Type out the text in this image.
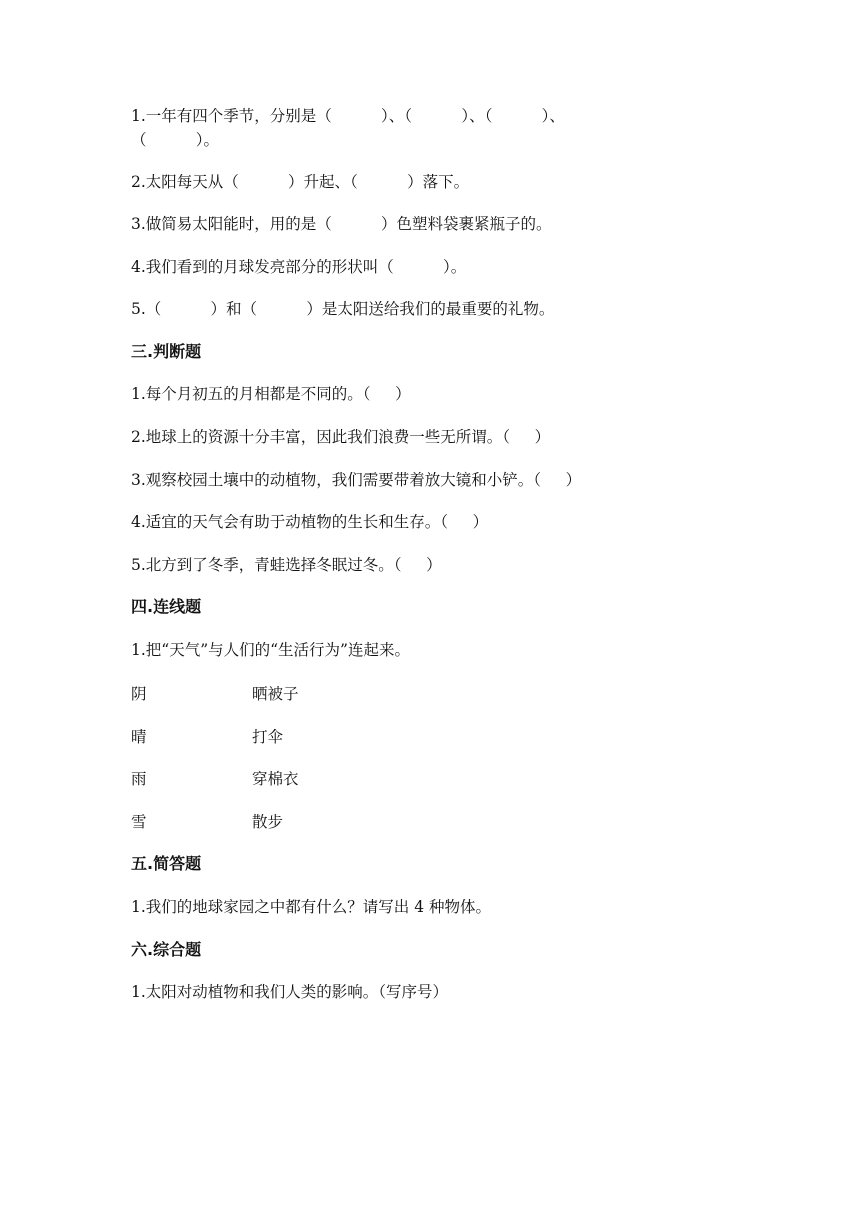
1.一年有四个季节，分别是（          ）、（          ）、（          ）、
（          ）。
2.太阳每天从（          ）升起、（          ）落下。
3.做简易太阳能时，用的是（          ）色塑料袋裹紧瓶子的。
4.我们看到的月球发亮部分的形状叫（          ）。
5.（          ）和（          ）是太阳送给我们的最重要的礼物。
三.判断题
1.每个月初五的月相都是不同的。（     ）
2.地球上的资源十分丰富，因此我们浪费一些无所谓。（     ）
3.观察校园土壤中的动植物，我们需要带着放大镜和小铲。（     ）
4.适宜的天气会有助于动植物的生长和生存。（     ）
5.北方到了冬季，青蛙选择冬眠过冬。（     ）
四.连线题
1.把“天气”与人们的“生活行为”连起来。
阴	晒被子
晴	打伞
雨	穿棉衣
雪	散步
五.简答题
1.我们的地球家园之中都有什么？请写出 4 种物体。
六.综合题
1.太阳对动植物和我们人类的影响。（写序号）
